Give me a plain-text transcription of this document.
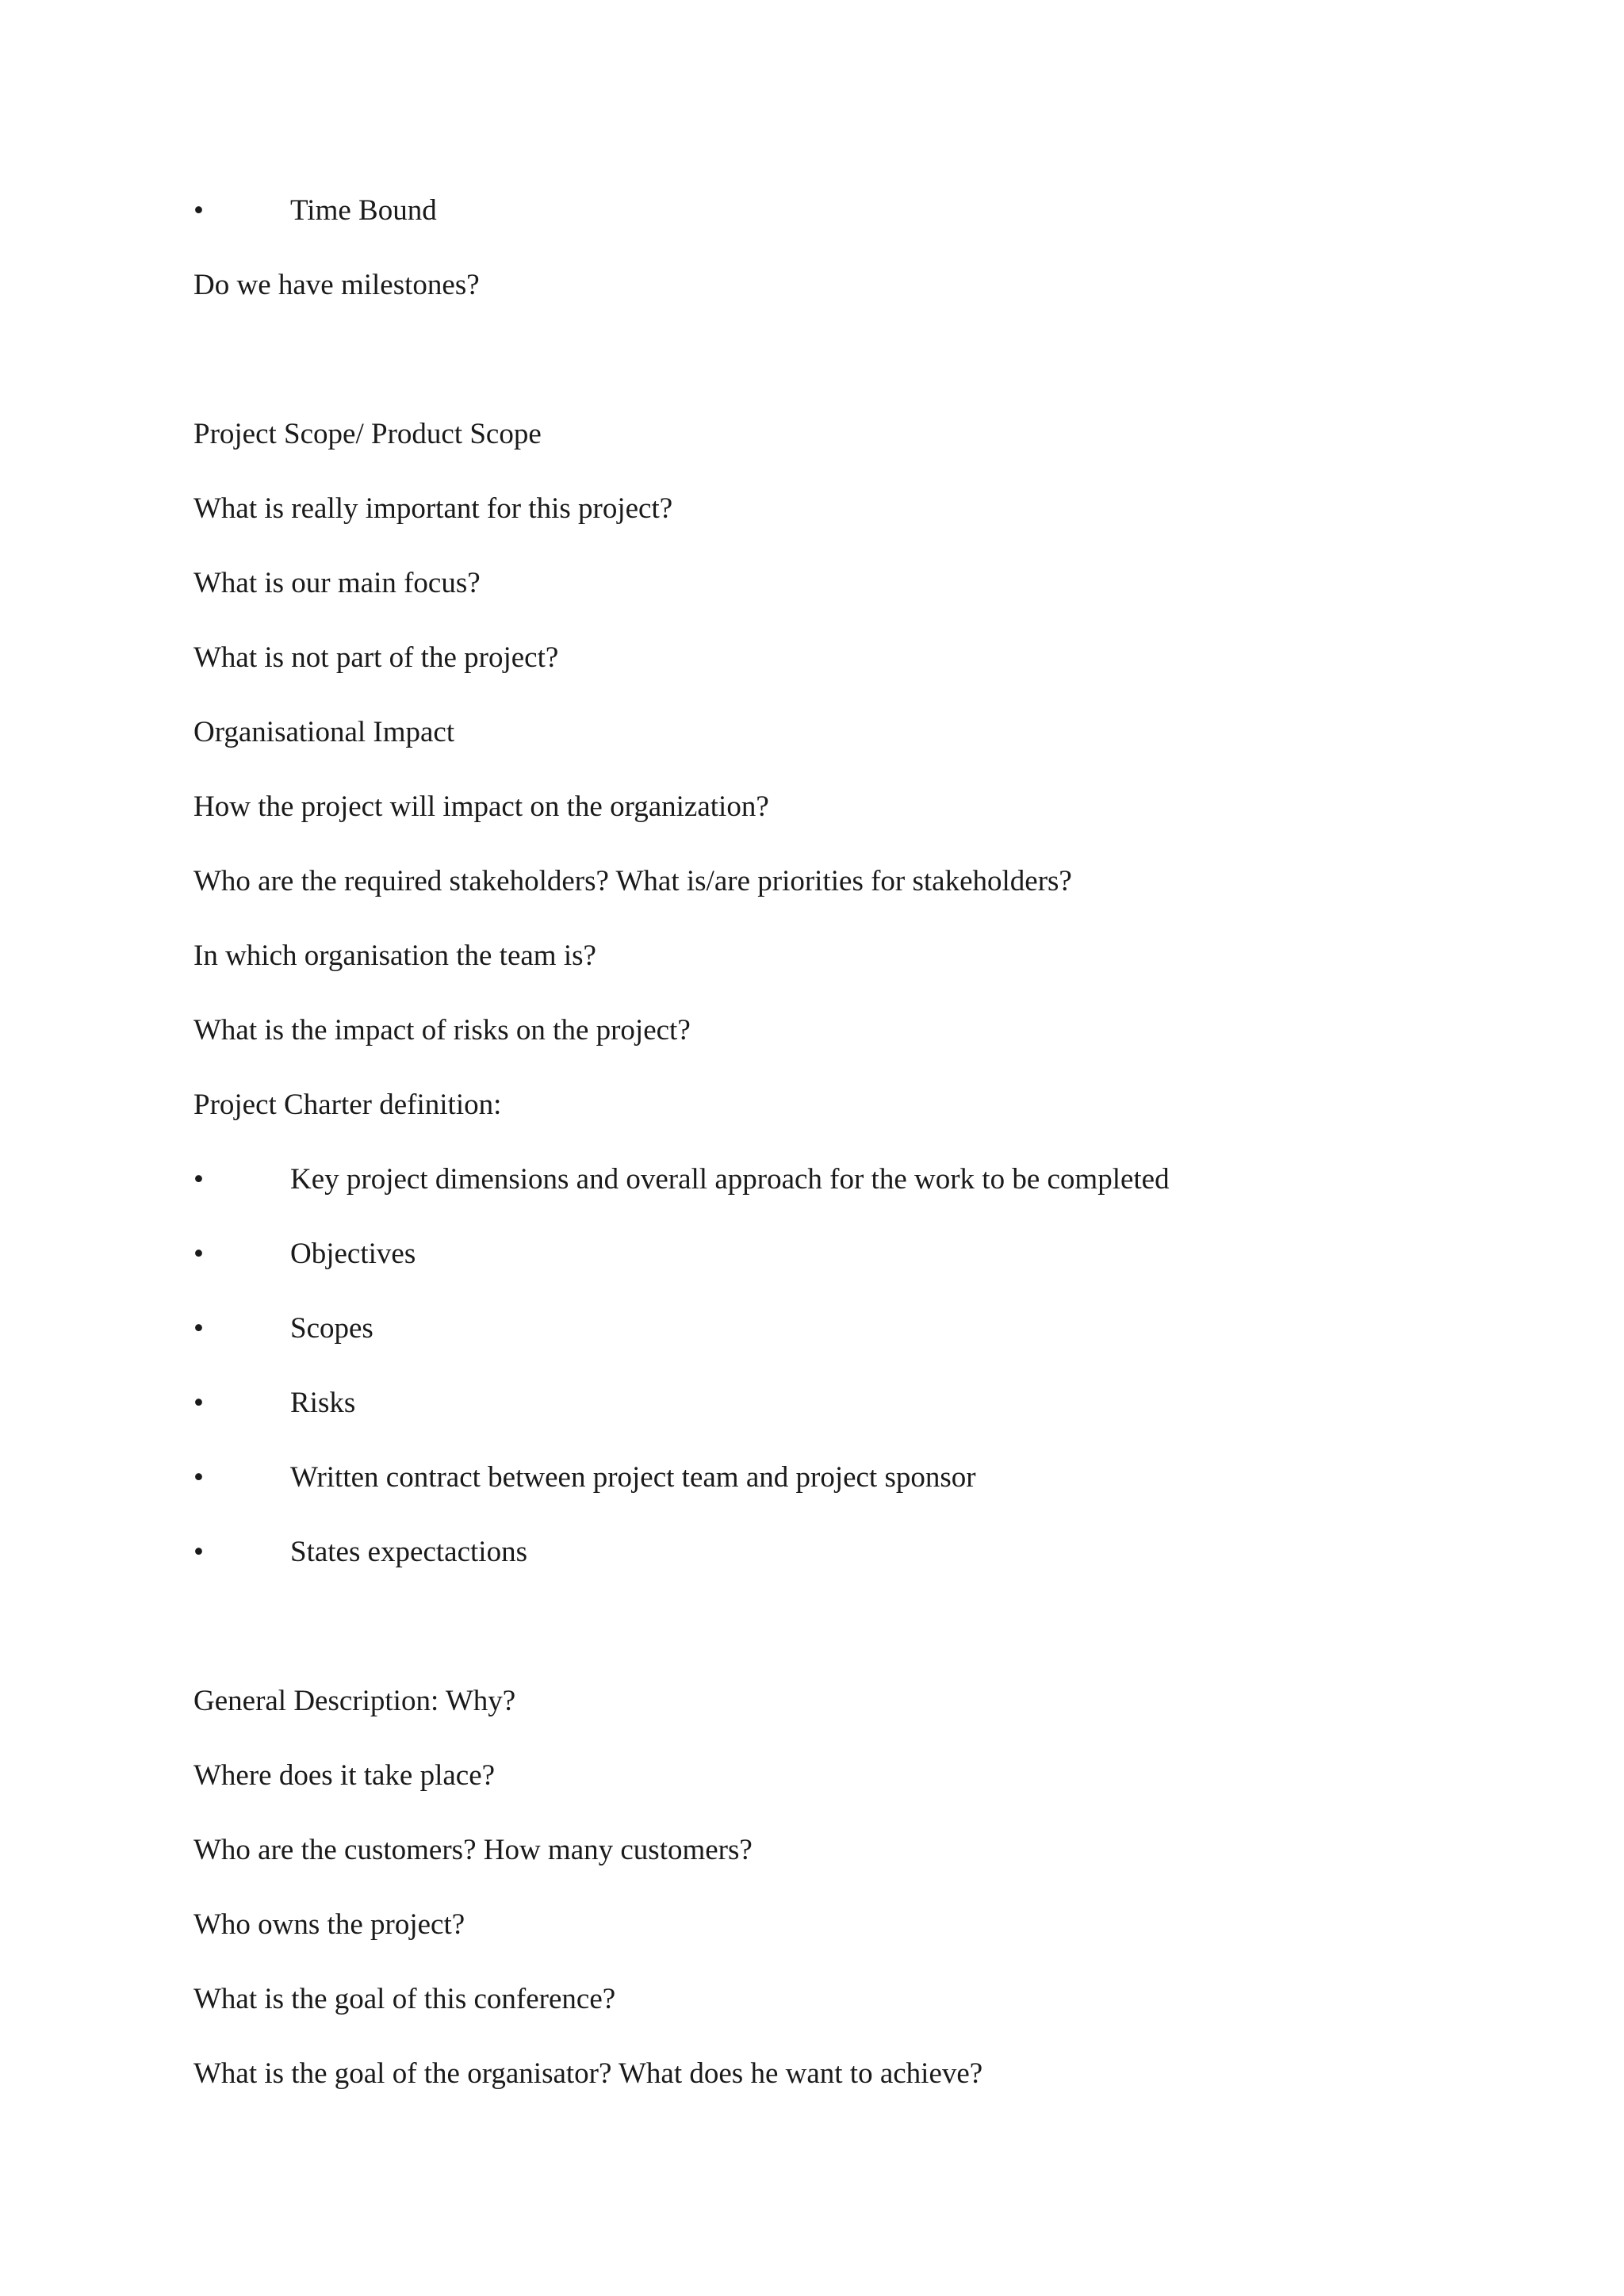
•	Time Bound
Do we have milestones?
Project Scope/ Product Scope
What is really important for this project?
What is our main focus?
What is not part of the project?
Organisational Impact
How the project will impact on the organization?
Who are the required stakeholders? What is/are priorities for stakeholders?
In which organisation the team is?
What is the impact of risks on the project?
Project Charter definition:
•	Key project dimensions and overall approach for the work to be completed
•	Objectives
•	Scopes
•	Risks
•	Written contract between project team and project sponsor
•	States expectactions
General Description: Why?
Where does it take place?
Who are the customers? How many customers?
Who owns the project?
What is the goal of this conference?
What is the goal of the organisator? What does he want to achieve?
